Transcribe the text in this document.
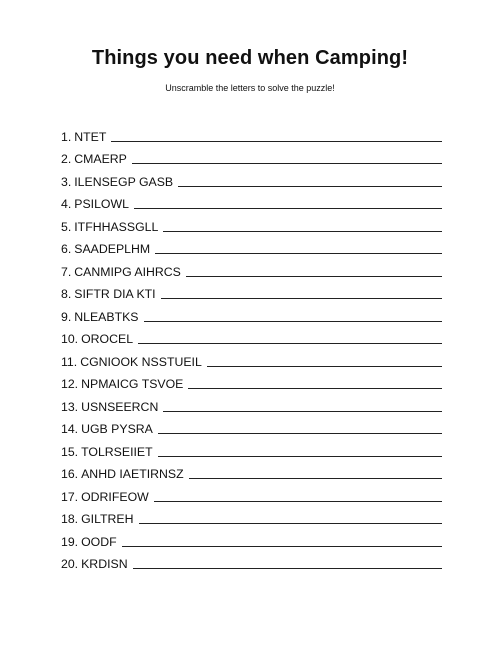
Things you need when Camping!
Unscramble the letters to solve the puzzle!
1. NTET
2. CMAERP
3. ILENSEGP GASB
4. PSILOWL
5. ITFHHASSGLL
6. SAADEPLHM
7. CANMIPG AIHRCS
8. SIFTR DIA KTI
9. NLEABTKS
10. OROCEL
11. CGNIOOK NSSTUEIL
12. NPMAICG TSVOE
13. USNSEERCN
14. UGB PYSRA
15. TOLRSEIIET
16. ANHD IAETIRNSZ
17. ODRIFEOW
18. GILTREH
19. OODF
20. KRDISN
